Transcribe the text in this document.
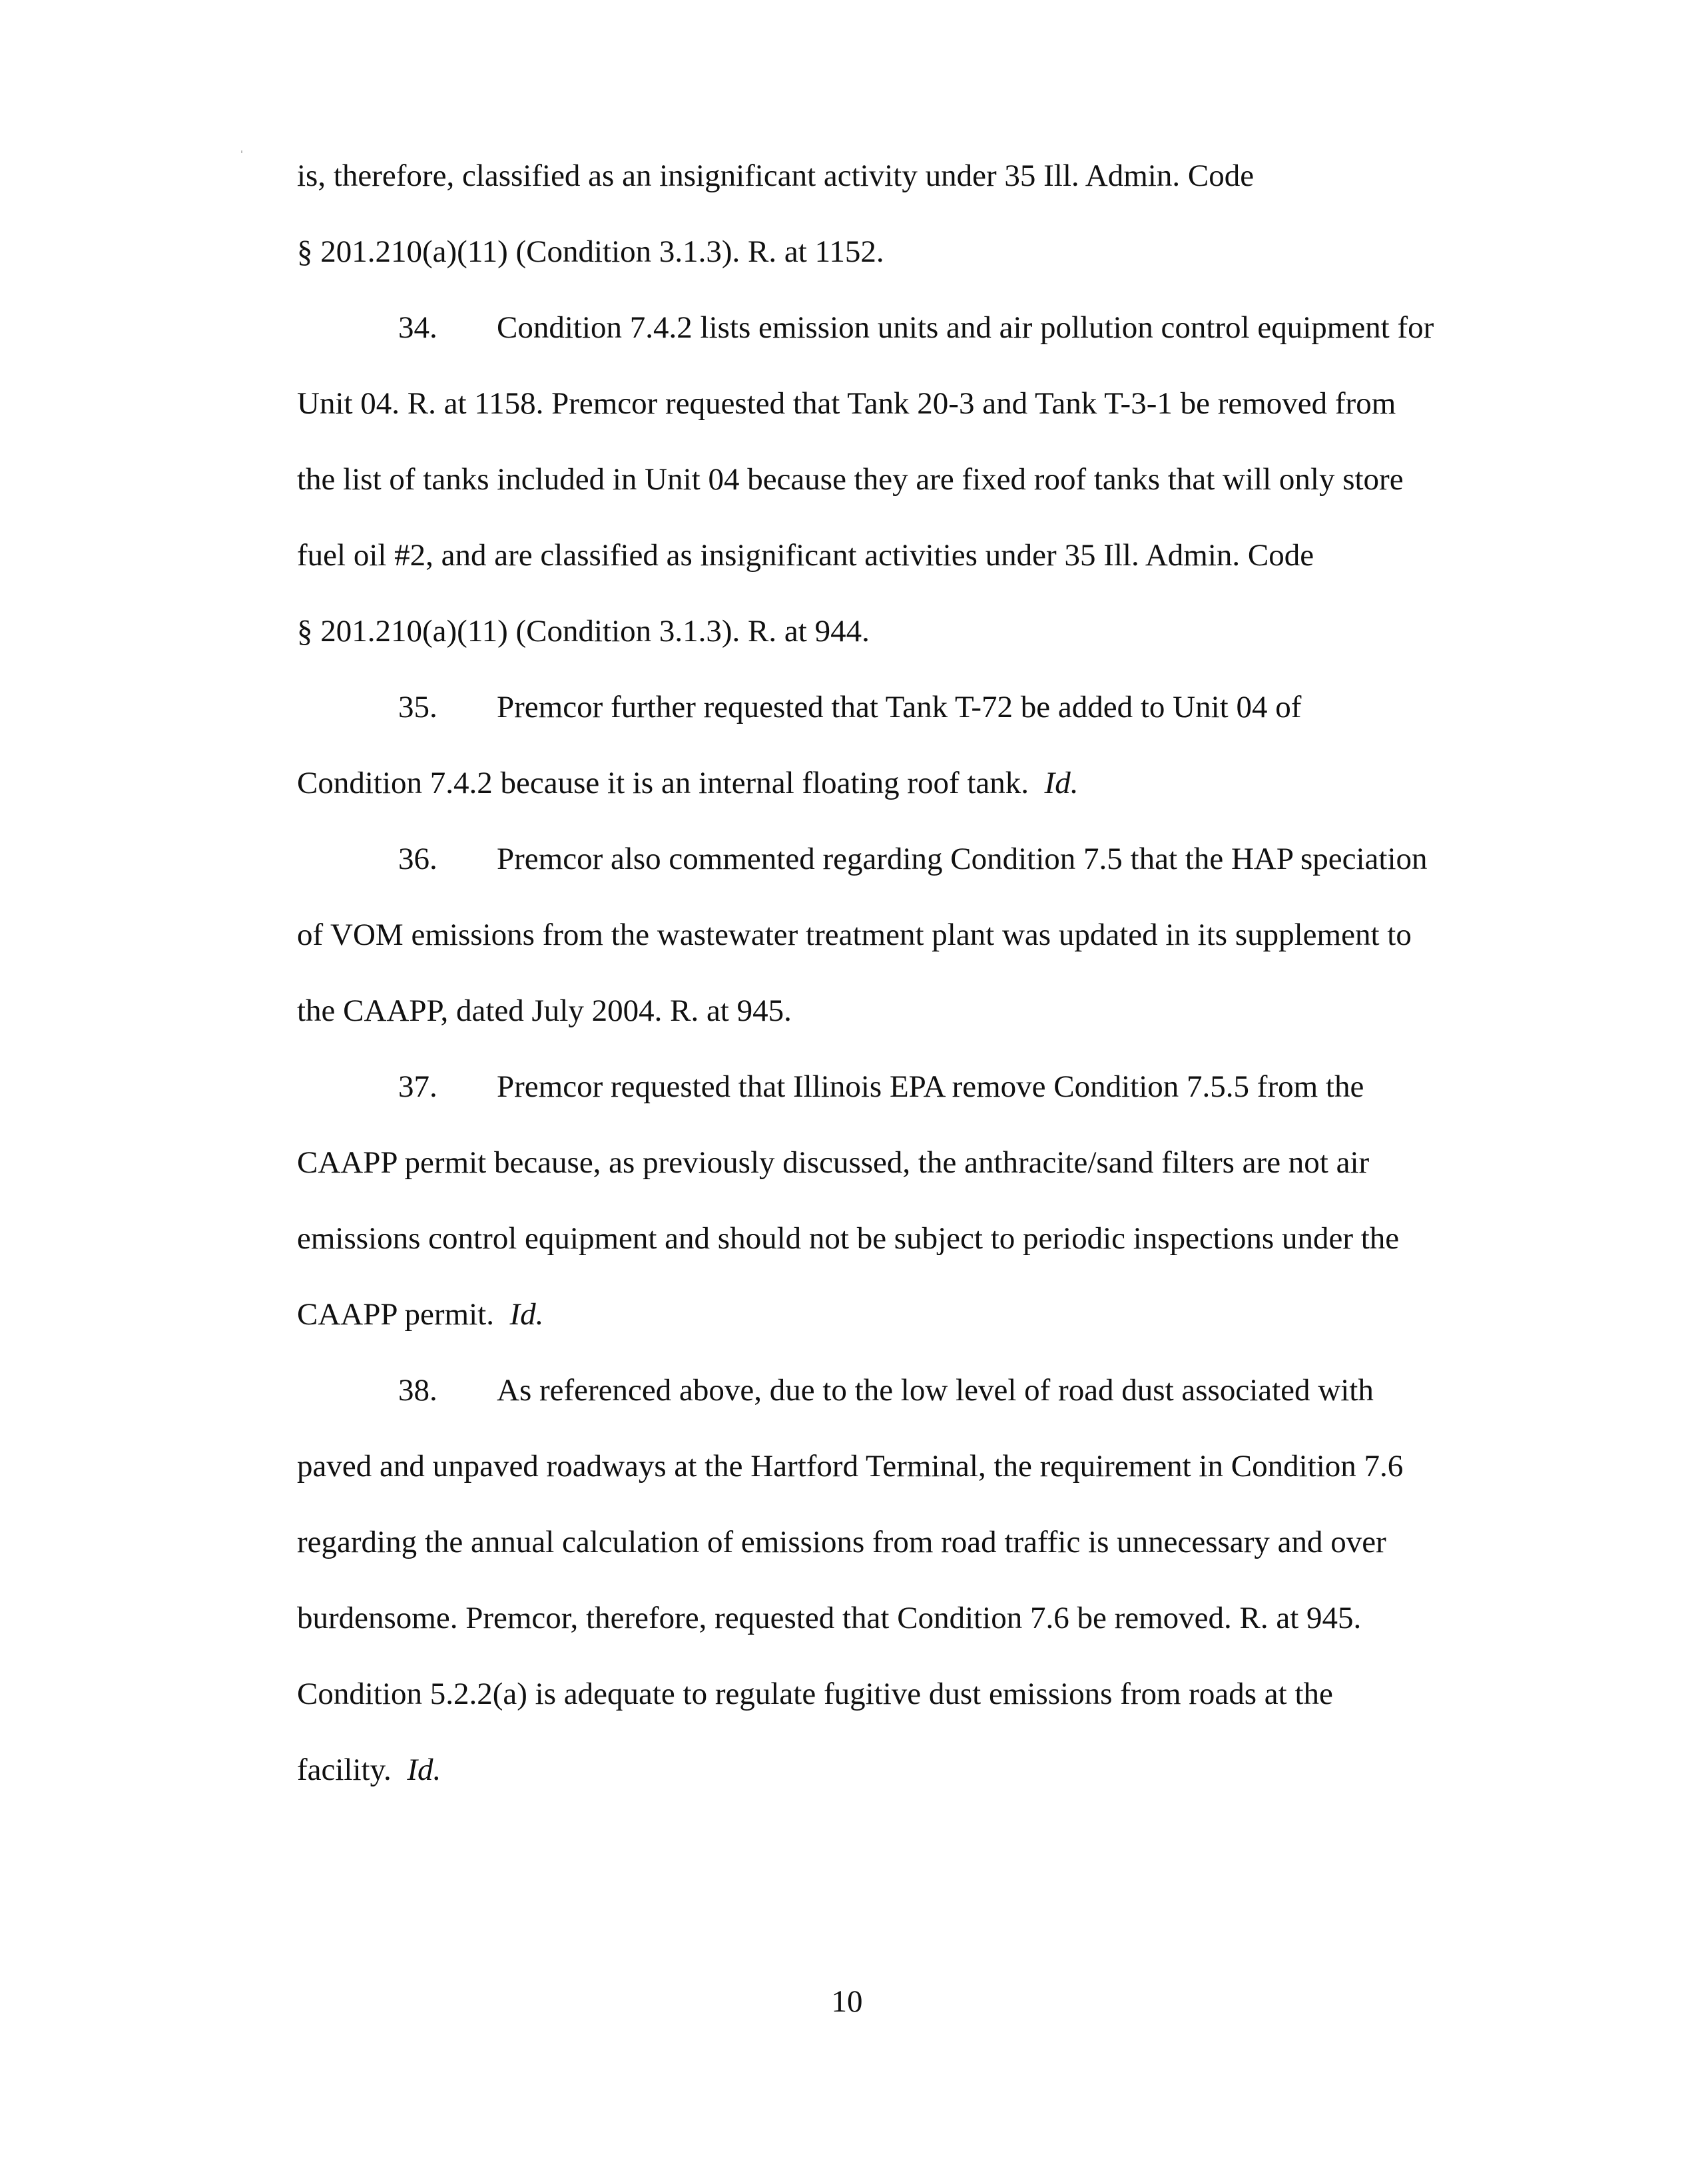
is, therefore, classified as an insignificant activity under 35 Ill. Admin. Code
§ 201.210(a)(11) (Condition 3.1.3). R. at 1152.
34. Condition 7.4.2 lists emission units and air pollution control equipment for
Unit 04. R. at 1158. Premcor requested that Tank 20-3 and Tank T-3-1 be removed from
the list of tanks included in Unit 04 because they are fixed roof tanks that will only store
fuel oil #2, and are classified as insignificant activities under 35 Ill. Admin. Code
§ 201.210(a)(11) (Condition 3.1.3). R. at 944.
35. Premcor further requested that Tank T-72 be added to Unit 04 of
Condition 7.4.2 because it is an internal floating roof tank. Id.
36. Premcor also commented regarding Condition 7.5 that the HAP speciation
of VOM emissions from the wastewater treatment plant was updated in its supplement to
the CAAPP, dated July 2004. R. at 945.
37. Premcor requested that Illinois EPA remove Condition 7.5.5 from the
CAAPP permit because, as previously discussed, the anthracite/sand filters are not air
emissions control equipment and should not be subject to periodic inspections under the
CAAPP permit. Id.
38. As referenced above, due to the low level of road dust associated with
paved and unpaved roadways at the Hartford Terminal, the requirement in Condition 7.6
regarding the annual calculation of emissions from road traffic is unnecessary and over
burdensome. Premcor, therefore, requested that Condition 7.6 be removed. R. at 945.
Condition 5.2.2(a) is adequate to regulate fugitive dust emissions from roads at the
facility. Id.
10
